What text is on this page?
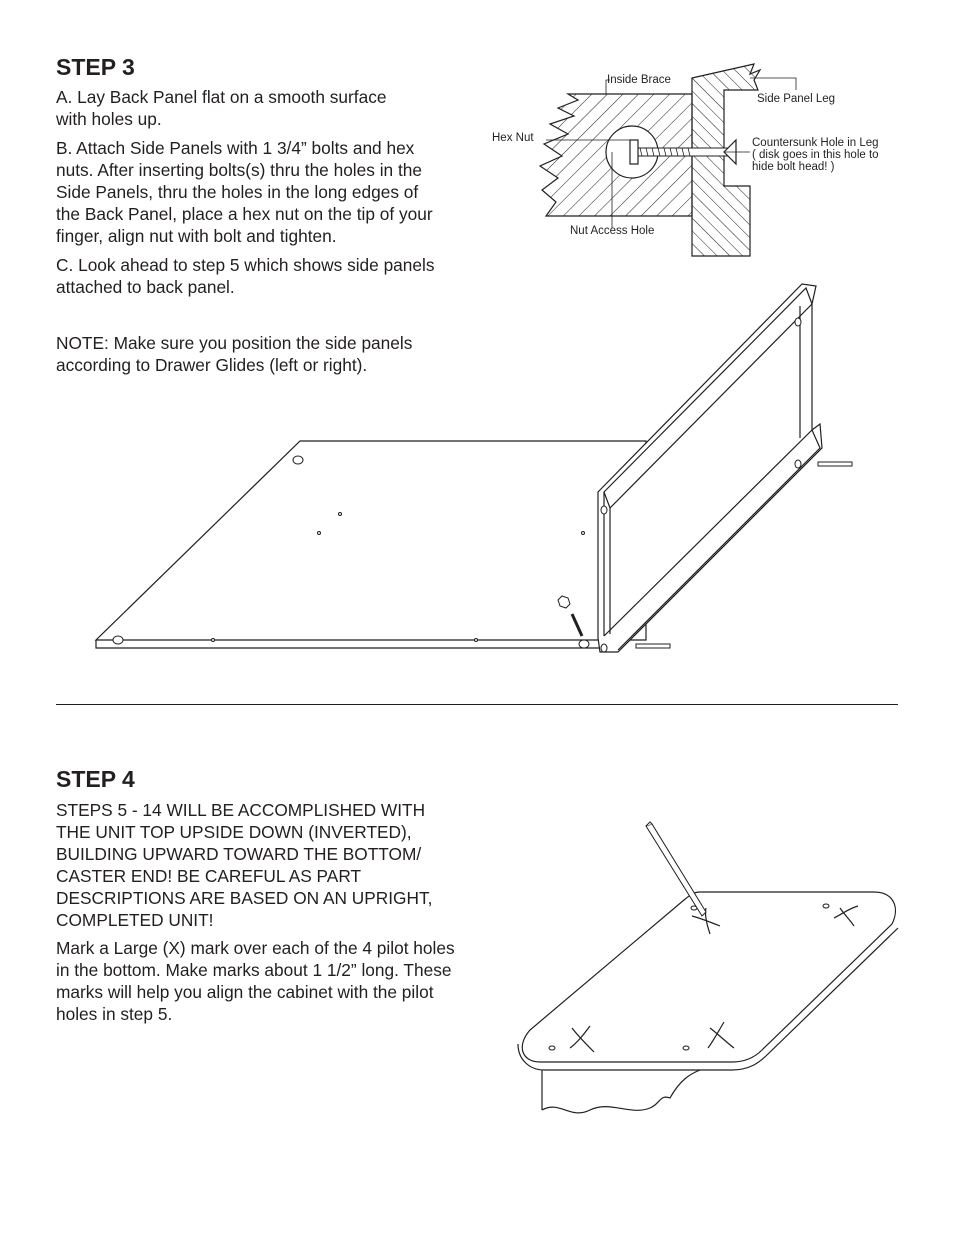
STEP 3

A. Lay Back Panel flat on a smooth surface

with holes up.

B. Attach Side Panels with 1 3/4” bolts and hex

nuts. After inserting bolts(s) thru the holes in the

Side Panels, thru the holes in the long edges of

the Back Panel, place a hex nut on the tip of your

finger, align nut with bolt and tighten.

C. Look ahead to step 5 which shows side panels

attached to back panel.

NOTE: Make sure you position the side panels

according to Drawer Glides (left or right).

Inside Brace
Side Panel Leg
Hex Nut	Countersunk Hole in Leg
( disk goes in this hole to
hide bolt head! )
Nut Access Hole
STEP 4

STEPS 5 - 14 WILL BE ACCOMPLISHED WITH

THE UNIT TOP UPSIDE DOWN (INVERTED),

BUILDING UPWARD TOWARD THE BOTTOM/

CASTER END! BE CAREFUL AS PART

DESCRIPTIONS ARE BASED ON AN UPRIGHT,

COMPLETED UNIT!

Mark a Large (X) mark over each of the 4 pilot holes

in the bottom. Make marks about 1 1/2” long. These

marks will help you align the cabinet with the pilot

holes in step 5.
